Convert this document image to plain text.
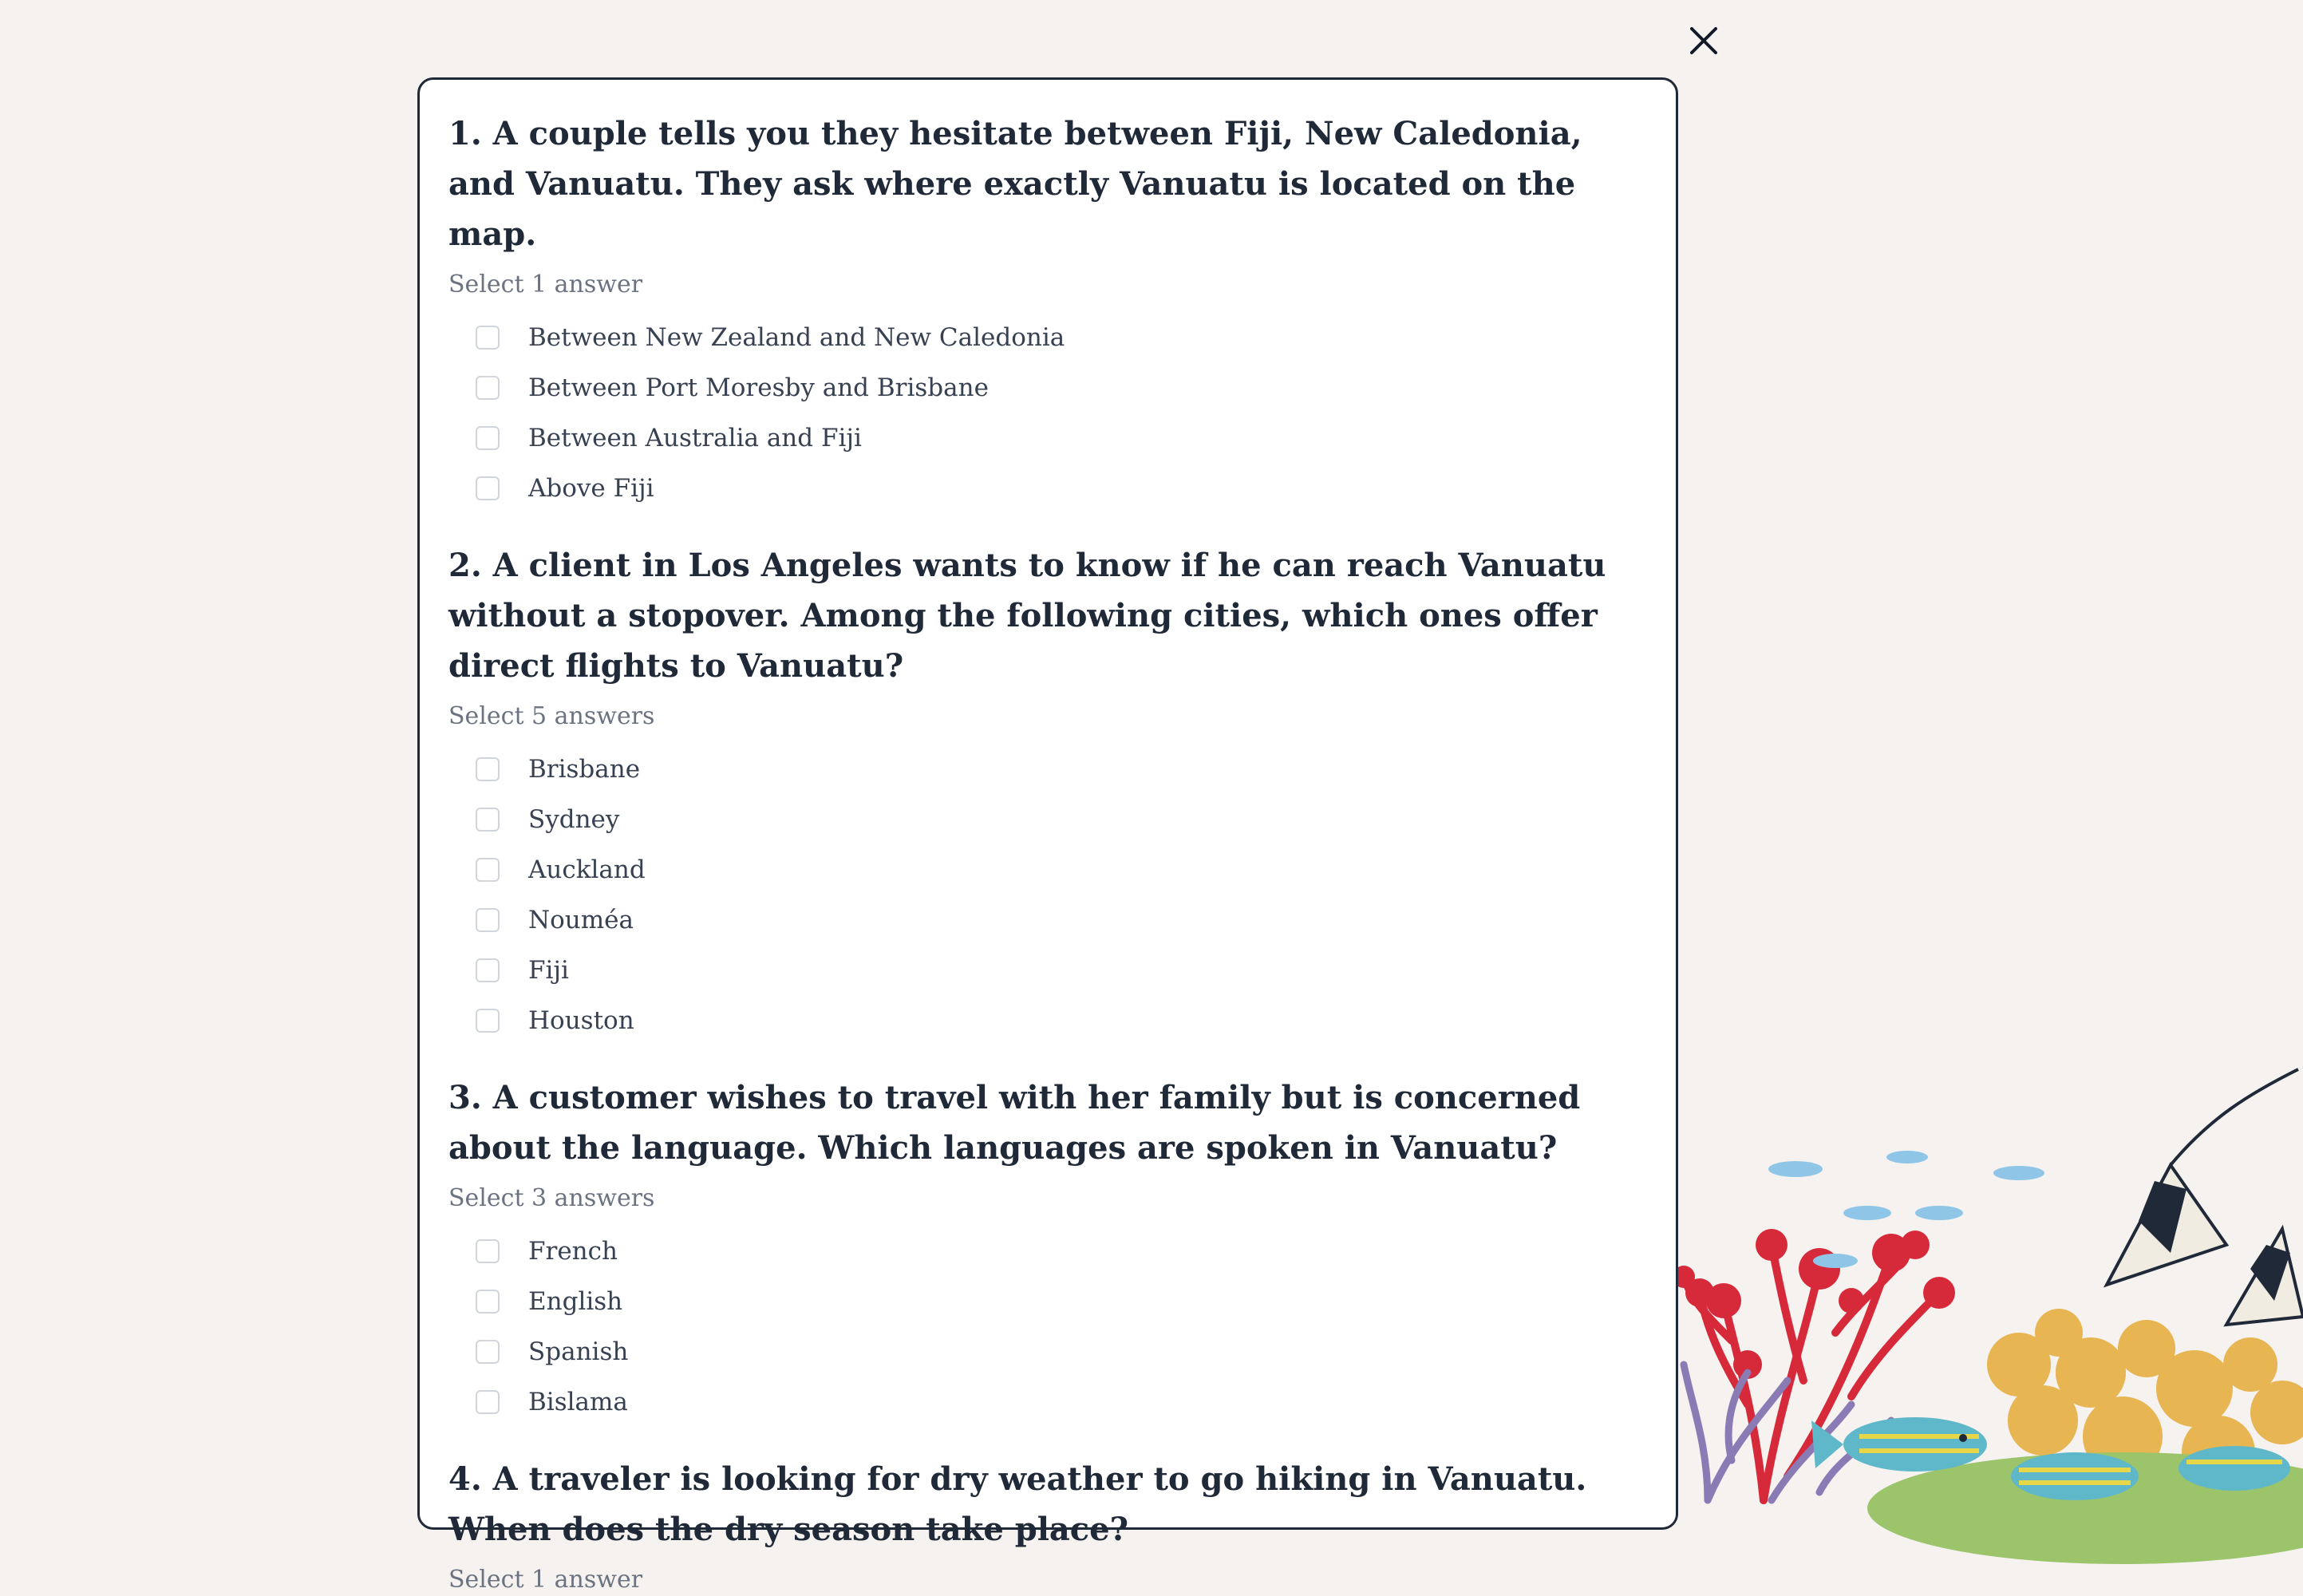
1. A couple tells you they hesitate between Fiji, New Caledonia, and Vanuatu. They ask where exactly Vanuatu is located on the map.

Select 1 answer
Between New Zealand and New Caledonia
Between Port Moresby and Brisbane
Between Australia and Fiji
Above Fiji

2. A client in Los Angeles wants to know if he can reach Vanuatu without a stopover. Among the following cities, which ones offer direct flights to Vanuatu?

Select 5 answers
Brisbane
Sydney
Auckland
Nouméa
Fiji
Houston

3. A customer wishes to travel with her family but is concerned about the language. Which languages are spoken in Vanuatu?

Select 3 answers
French
English
Spanish
Bislama

4. A traveler is looking for dry weather to go hiking in Vanuatu. When does the dry season take place?

Select 1 answer
